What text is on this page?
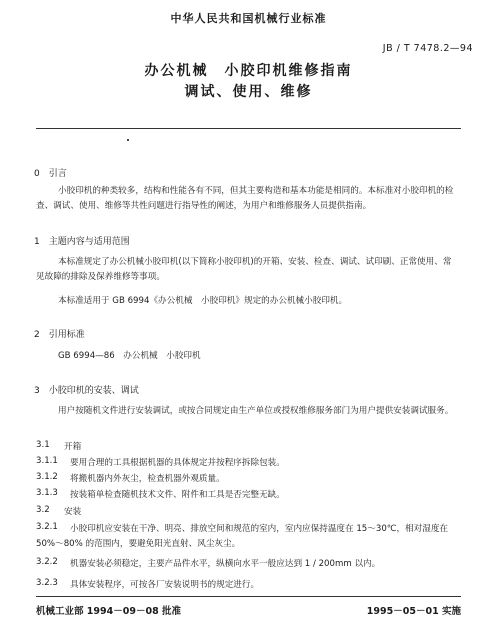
中华人民共和国机械行业标准
JB / T 7478.2—94
办公机械　小胶印机维修指南
调试、使用、维修
0　引言
小胶印机的种类较多，结构和性能各有不同，但其主要构造和基本功能是相同的。本标准对小胶印机的检查、调试、使用、维修等共性问题进行指导性的阐述，为用户和维修服务人员提供指南。
1　主题内容与适用范围
本标准规定了办公机械小胶印机(以下简称小胶印机)的开箱、安装、检查、调试、试印刷、正常使用、常见故障的排除及保养维修等事项。
本标准适用于 GB 6994《办公机械　小胶印机》规定的办公机械小胶印机。
2　引用标准
GB 6994—86　办公机械　小胶印机
3　小胶印机的安装、调试
用户按随机文件进行安装调试，或按合同规定由生产单位或授权维修服务部门为用户提供安装调试服务。
3.1 开箱
3.1.1 要用合理的工具根据机器的具体规定并按程序拆除包装。
3.1.2 将搬机器内外灰尘，检查机器外观质量。
3.1.3 按装箱单检查随机技术文件、附件和工具是否完整无缺。
3.2 安装
3.2.1	小胶印机应安装在干净、明亮、排放空间和规范的室内，室内应保持温度在 15～30℃，相对湿度在 50%～80% 的范围内，要避免阳光直射、风尘灰尘。
3.2.2 机器安装必须稳定，主要产品件水平，纵横向水平一般应达到 1 / 200mm 以内。
3.2.3 具体安装程序，可按各厂安装说明书的规定进行。
机械工业部 1994－09－08 批准	1995－05－01 实施
